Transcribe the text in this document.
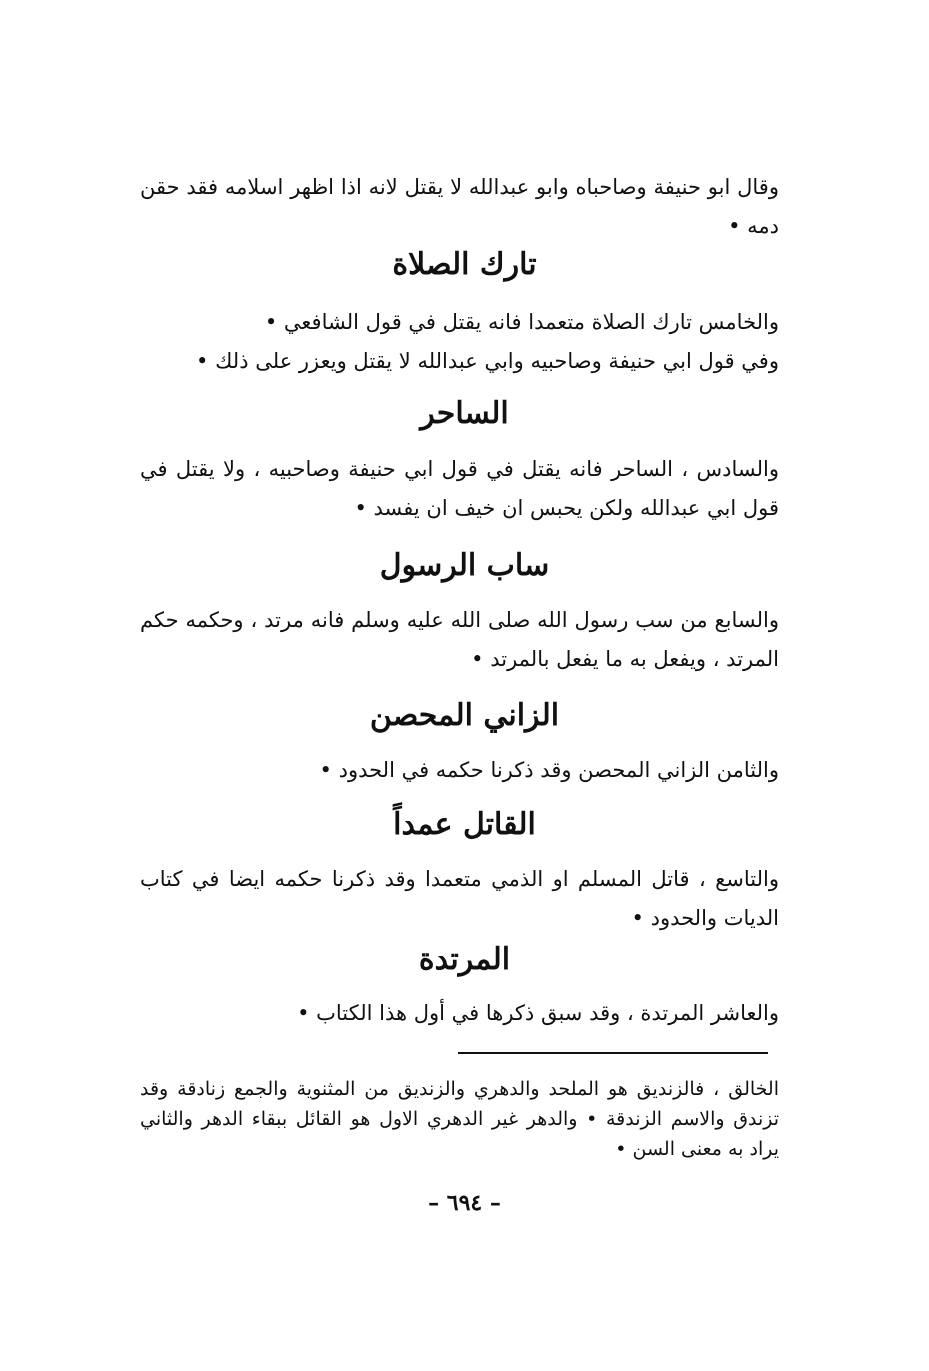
وقال ابو حنيفة وصاحباه وابو عبدالله لا يقتل لانه اذا اظهر اسلامه فقد حقن دمه •
تارك الصلاة
والخامس تارك الصلاة متعمدا فانه يقتل في قول الشافعي •
وفي قول ابي حنيفة وصاحبيه وابي عبدالله لا يقتل ويعزر على ذلك •
الساحر
والسادس ، الساحر فانه يقتل في قول ابي حنيفة وصاحبيه ، ولا يقتل في قول ابي عبدالله ولكن يحبس ان خيف ان يفسد •
ساب الرسول
والسابع من سب رسول الله صلى الله عليه وسلم فانه مرتد ، وحكمه حكم المرتد ، ويفعل به ما يفعل بالمرتد •
الزاني المحصن
والثامن الزاني المحصن وقد ذكرنا حكمه في الحدود •
القاتل عمداً
والتاسع ، قاتل المسلم او الذمي متعمدا وقد ذكرنا حكمه ايضا في كتاب الديات والحدود •
المرتدة
والعاشر المرتدة ، وقد سبق ذكرها في أول هذا الكتاب •
الخالق ، فالزنديق هو الملحد والدهري والزنديق من المثنوية والجمع زنادقة وقد تزندق والاسم الزندقة • والدهر غير الدهري الاول هو القائل ببقاء الدهر والثاني يراد به معنى السن •
– ٦٩٤ –
